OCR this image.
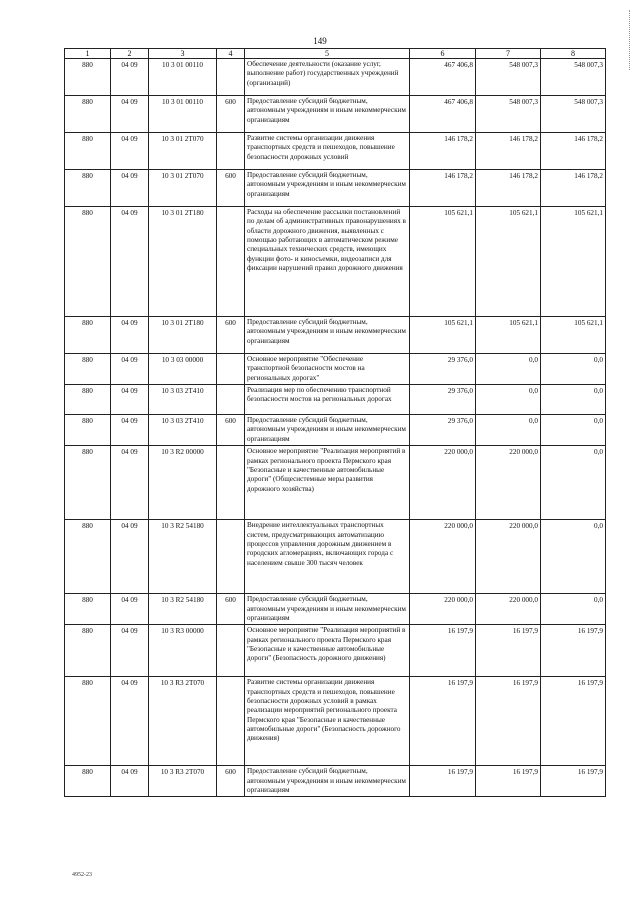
149
1	2	3	4	5	6	7	8
880	04 09	10 3 01 00110		Обеспечение деятельности (оказание услуг, выполнение работ) государственных учреждений (организаций)	467 406,8	548 007,3	548 007,3
880	04 09	10 3 01 00110	600	Предоставление субсидий бюджетным, автономным учреждениям и иным некоммерческим организациям	467 406,8	548 007,3	548 007,3
880	04 09	10 3 01 2Т070		Развитие системы организации движения транспортных средств и пешеходов, повышение безопасности дорожных условий	146 178,2	146 178,2	146 178,2
880	04 09	10 3 01 2Т070	600	Предоставление субсидий бюджетным, автономным учреждениям и иным некоммерческим организациям	146 178,2	146 178,2	146 178,2
880	04 09	10 3 01 2Т180		Расходы на обеспечение рассылки постановлений по делам об административных правонарушениях в области дорожного движения, выявленных с помощью работающих в автоматическом режиме специальных технических средств, имеющих функции фото- и киносъемки, видеозаписи для фиксации нарушений правил дорожного движения	105 621,1	105 621,1	105 621,1
880	04 09	10 3 01 2Т180	600	Предоставление субсидий бюджетным, автономным учреждениям и иным некоммерческим организациям	105 621,1	105 621,1	105 621,1
880	04 09	10 3 03 00000		Основное мероприятие "Обеспечение транспортной безопасности мостов на региональных дорогах"	29 376,0	0,0	0,0
880	04 09	10 3 03 2Т410		Реализация мер по обеспечению транспортной безопасности мостов на региональных дорогах	29 376,0	0,0	0,0
880	04 09	10 3 03 2Т410	600	Предоставление субсидий бюджетным, автономным учреждениям и иным некоммерческим организациям	29 376,0	0,0	0,0
880	04 09	10 3 R2 00000		Основное мероприятие "Реализация мероприятий в рамках регионального проекта Пермского края "Безопасные и качественные автомобильные дороги" (Общесистемные меры развития дорожного хозяйства)	220 000,0	220 000,0	0,0
880	04 09	10 3 R2 54180		Внедрение интеллектуальных транспортных систем, предусматривающих автоматизацию процессов управления дорожным движением в городских агломерациях, включающих города с населением свыше 300 тысяч человек	220 000,0	220 000,0	0,0
880	04 09	10 3 R2 54180	600	Предоставление субсидий бюджетным, автономным учреждениям и иным некоммерческим организациям	220 000,0	220 000,0	0,0
880	04 09	10 3 R3 00000		Основное мероприятие "Реализация мероприятий в рамках регионального проекта Пермского края "Безопасные и качественные автомобильные дороги" (Безопасность дорожного движения)	16 197,9	16 197,9	16 197,9
880	04 09	10 3 R3 2Т070		Развитие системы организации движения транспортных средств и пешеходов, повышение безопасности дорожных условий в рамках реализации мероприятий регионального проекта Пермского края "Безопасные и качественные автомобильные дороги" (Безопасность дорожного движения)	16 197,9	16 197,9	16 197,9
880	04 09	10 3 R3 2Т070	600	Предоставление субсидий бюджетным, автономным учреждениям и иным некоммерческим организациям	16 197,9	16 197,9	16 197,9
4952-23
